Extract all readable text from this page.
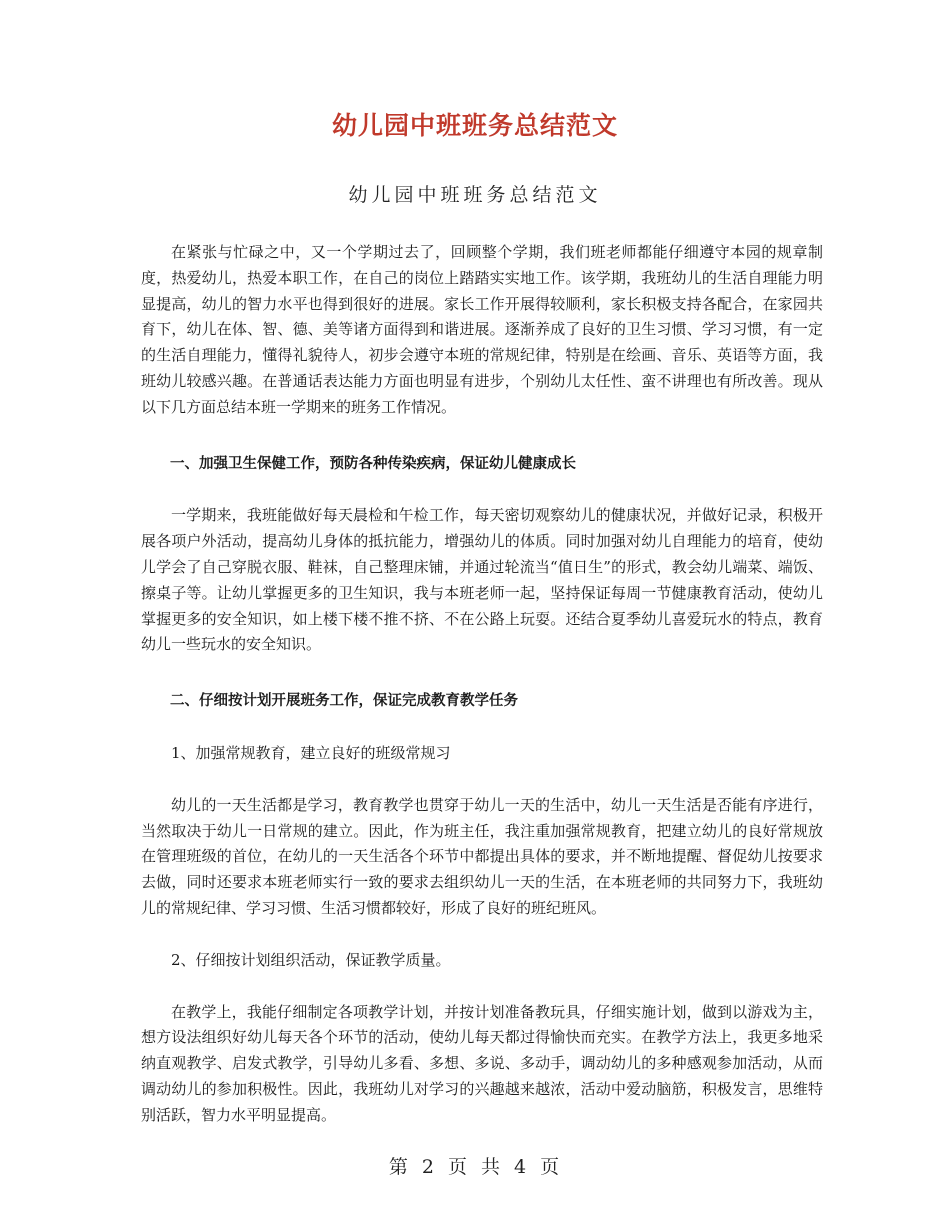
幼儿园中班班务总结范文
幼儿园中班班务总结范文

在紧张与忙碌之中，又一个学期过去了，回顾整个学期，我们班老师都能仔细遵守本园的规章制度，热爱幼儿，热爱本职工作，在自己的岗位上踏踏实实地工作。该学期，我班幼儿的生活自理能力明显提高，幼儿的智力水平也得到很好的进展。家长工作开展得较顺利，家长积极支持各配合，在家园共育下，幼儿在体、智、德、美等诸方面得到和谐进展。逐渐养成了良好的卫生习惯、学习习惯，有一定的生活自理能力，懂得礼貌待人，初步会遵守本班的常规纪律，特别是在绘画、音乐、英语等方面，我班幼儿较感兴趣。在普通话表达能力方面也明显有进步，个别幼儿太任性、蛮不讲理也有所改善。现从以下几方面总结本班一学期来的班务工作情况。

一、加强卫生保健工作，预防各种传染疾病，保证幼儿健康成长

一学期来，我班能做好每天晨检和午检工作，每天密切观察幼儿的健康状况，并做好记录，积极开展各项户外活动，提高幼儿身体的抵抗能力，增强幼儿的体质。同时加强对幼儿自理能力的培育，使幼儿学会了自己穿脱衣服、鞋袜，自己整理床铺，并通过轮流当“值日生”的形式，教会幼儿端菜、端饭、擦桌子等。让幼儿掌握更多的卫生知识，我与本班老师一起，坚持保证每周一节健康教育活动，使幼儿掌握更多的安全知识，如上楼下楼不推不挤、不在公路上玩耍。还结合夏季幼儿喜爱玩水的特点，教育幼儿一些玩水的安全知识。

二、仔细按计划开展班务工作，保证完成教育教学任务

1、加强常规教育，建立良好的班级常规习

幼儿的一天生活都是学习，教育教学也贯穿于幼儿一天的生活中，幼儿一天生活是否能有序进行，当然取决于幼儿一日常规的建立。因此，作为班主任，我注重加强常规教育，把建立幼儿的良好常规放在管理班级的首位，在幼儿的一天生活各个环节中都提出具体的要求，并不断地提醒、督促幼儿按要求去做，同时还要求本班老师实行一致的要求去组织幼儿一天的生活，在本班老师的共同努力下，我班幼儿的常规纪律、学习习惯、生活习惯都较好，形成了良好的班纪班风。

2、仔细按计划组织活动，保证教学质量。

在教学上，我能仔细制定各项教学计划，并按计划准备教玩具，仔细实施计划，做到以游戏为主，想方设法组织好幼儿每天各个环节的活动，使幼儿每天都过得愉快而充实。在教学方法上，我更多地采纳直观教学、启发式教学，引导幼儿多看、多想、多说、多动手，调动幼儿的多种感观参加活动，从而调动幼儿的参加积极性。因此，我班幼儿对学习的兴趣越来越浓，活动中爱动脑筋，积极发言，思维特别活跃，智力水平明显提高。

第 2 页 共 4 页
